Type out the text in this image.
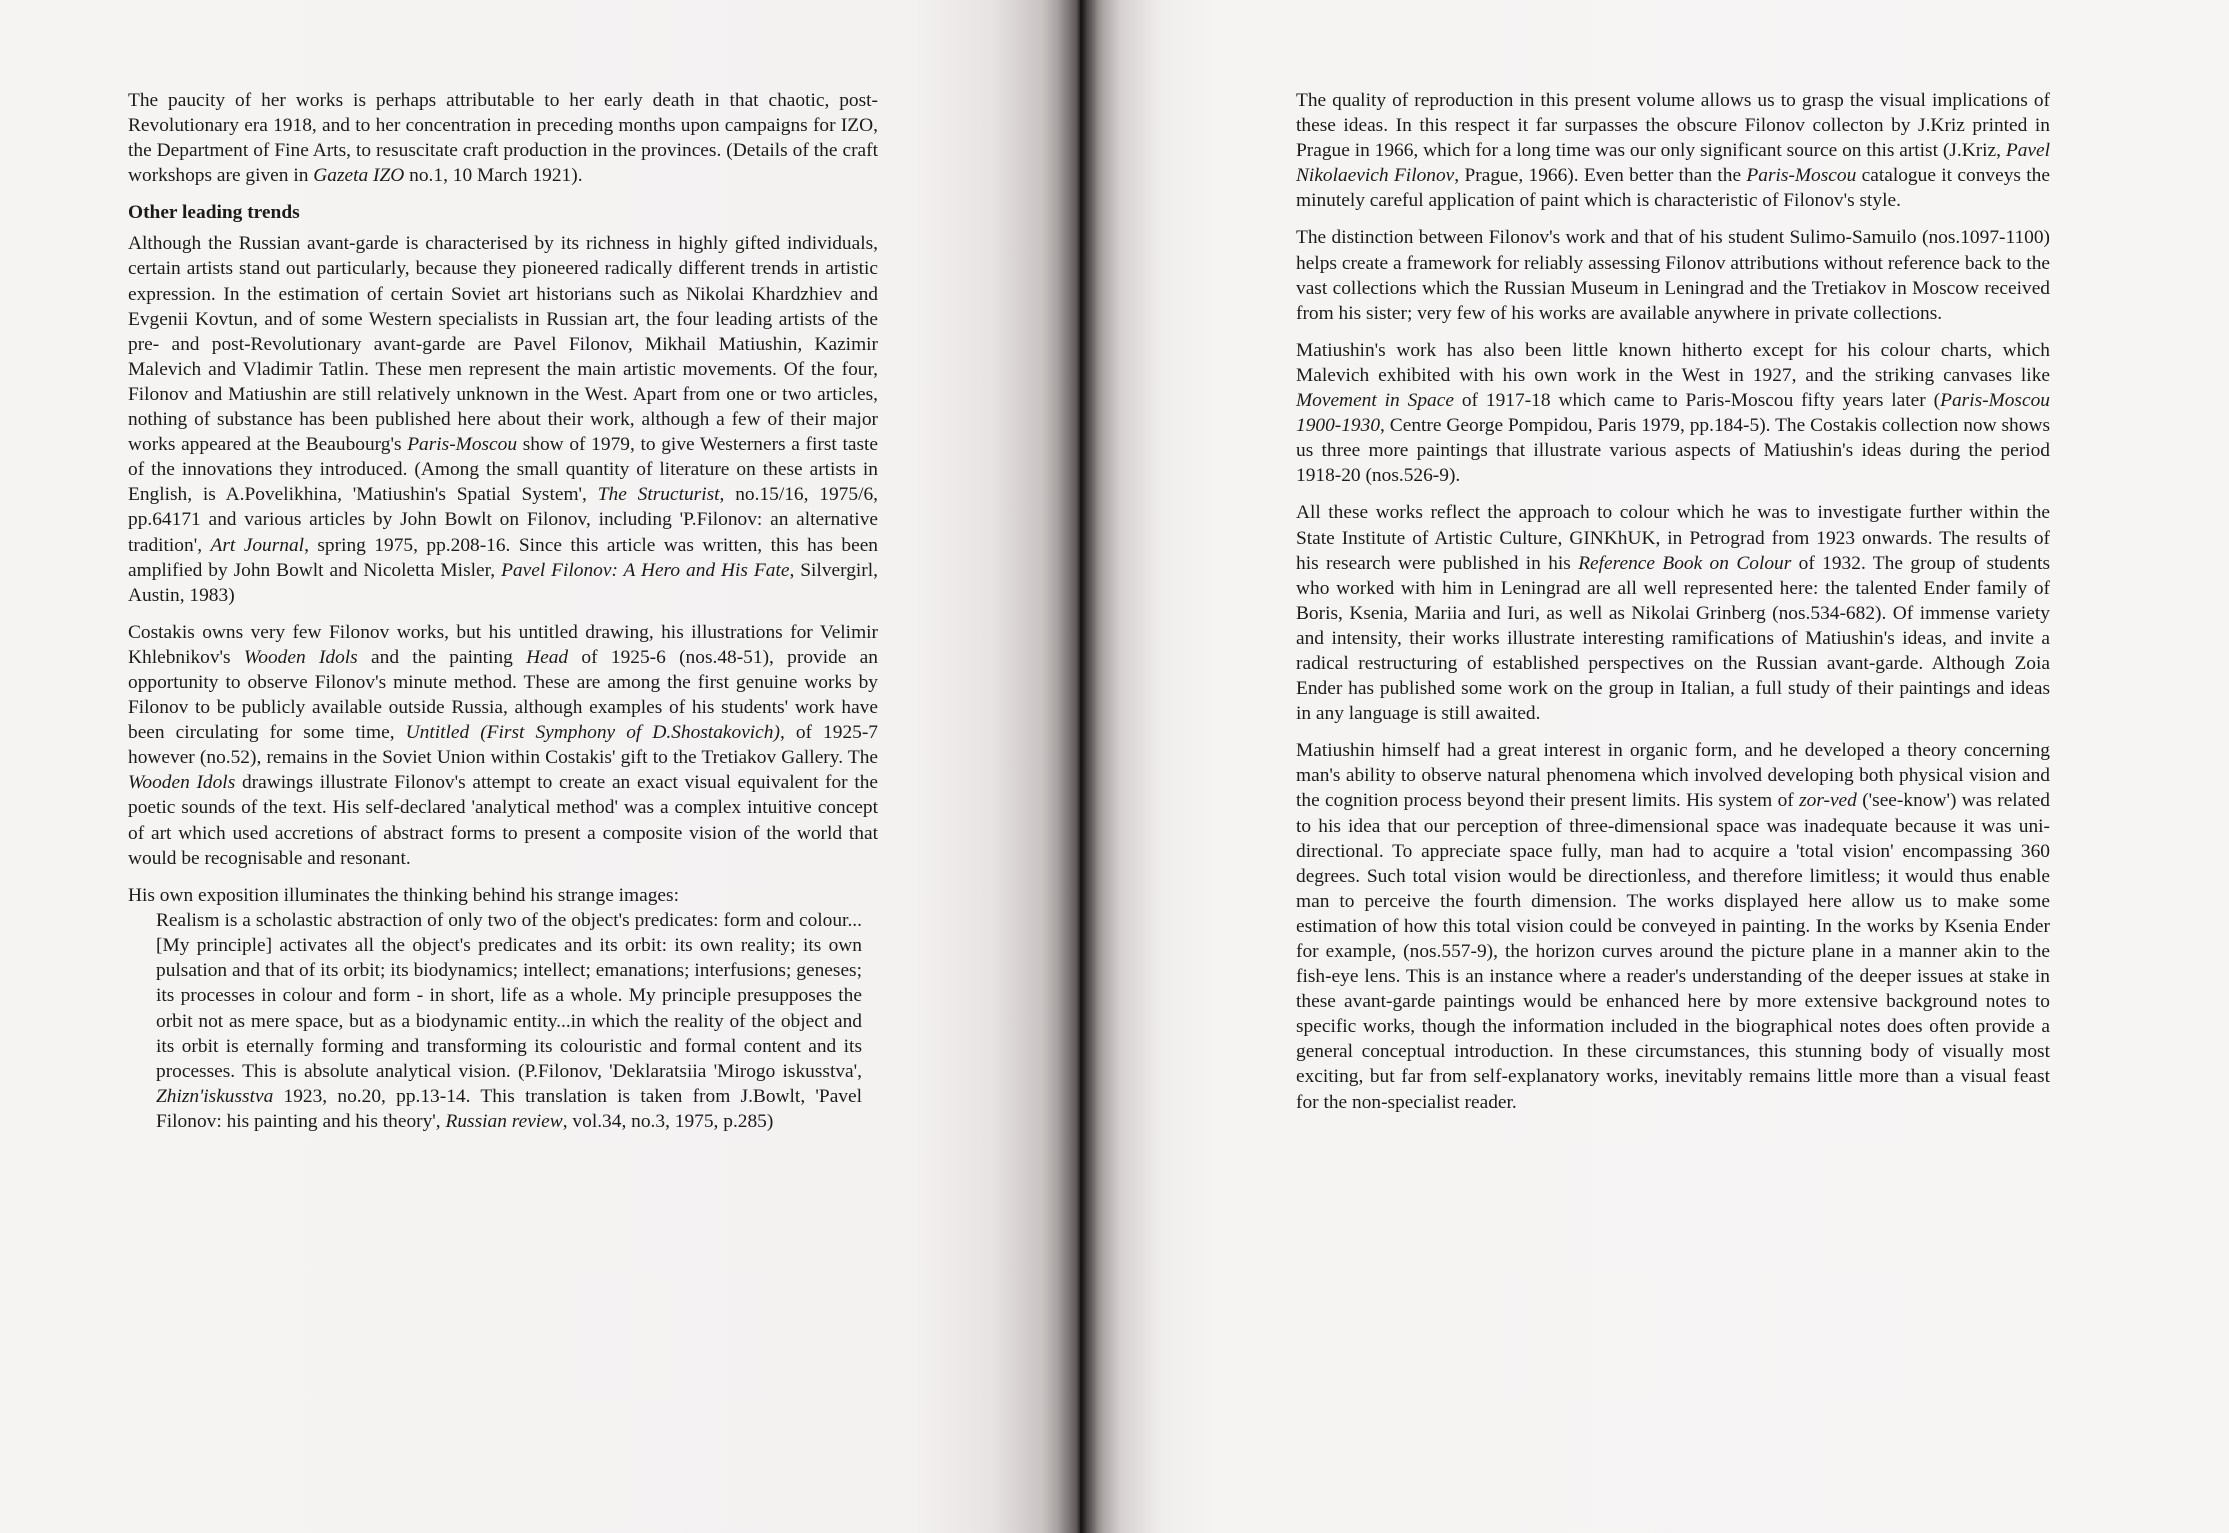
The paucity of her works is perhaps attributable to her early death in that chaotic, post-Revolutionary era 1918, and to her concentration in preceding months upon campaigns for IZO, the Department of Fine Arts, to resuscitate craft production in the provinces. (Details of the craft workshops are given in Gazeta IZO no.1, 10 March 1921).

Other leading trends

Although the Russian avant-garde is characterised by its richness in highly gifted individuals, certain artists stand out particularly, because they pioneered radically different trends in artistic expression. In the estimation of certain Soviet art historians such as Nikolai Khardzhiev and Evgenii Kovtun, and of some Western specialists in Russian art, the four leading artists of the pre- and post-Revolutionary avant-garde are Pavel Filonov, Mikhail Matiushin, Kazimir Malevich and Vladimir Tatlin. These men represent the main artistic movements. Of the four, Filonov and Matiushin are still relatively unknown in the West. Apart from one or two articles, nothing of substance has been published here about their work, although a few of their major works appeared at the Beaubourg's Paris-Moscou show of 1979, to give Westerners a first taste of the innovations they introduced. (Among the small quantity of literature on these artists in English, is A.Povelikhina, 'Matiushin's Spatial System', The Structurist, no.15/16, 1975/6, pp.64171 and various articles by John Bowlt on Filonov, including 'P.Filonov: an alternative tradition', Art Journal, spring 1975, pp.208-16. Since this article was written, this has been amplified by John Bowlt and Nicoletta Misler, Pavel Filonov: A Hero and His Fate, Silvergirl, Austin, 1983)

Costakis owns very few Filonov works, but his untitled drawing, his illustrations for Velimir Khlebnikov's Wooden Idols and the painting Head of 1925-6 (nos.48-51), provide an opportunity to observe Filonov's minute method. These are among the first genuine works by Filonov to be publicly available outside Russia, although examples of his students' work have been circulating for some time, Untitled (First Symphony of D.Shostakovich), of 1925-7 however (no.52), remains in the Soviet Union within Costakis' gift to the Tretiakov Gallery. The Wooden Idols drawings illustrate Filonov's attempt to create an exact visual equivalent for the poetic sounds of the text. His self-declared 'analytical method' was a complex intuitive concept of art which used accretions of abstract forms to present a composite vision of the world that would be recognisable and resonant.

His own exposition illuminates the thinking behind his strange images:

Realism is a scholastic abstraction of only two of the object's predicates: form and colour...[My principle] activates all the object's predicates and its orbit: its own reality; its own pulsation and that of its orbit; its biodynamics; intellect; emanations; interfusions; geneses; its processes in colour and form - in short, life as a whole. My principle presupposes the orbit not as mere space, but as a biodynamic entity...in which the reality of the object and its orbit is eternally forming and transforming its colouristic and formal content and its processes. This is absolute analytical vision. (P.Filonov, 'Deklaratsiia 'Mirogo iskusstva', Zhizn'iskusstva 1923, no.20, pp.13-14. This translation is taken from J.Bowlt, 'Pavel Filonov: his painting and his theory', Russian review, vol.34, no.3, 1975, p.285)

The quality of reproduction in this present volume allows us to grasp the visual implications of these ideas. In this respect it far surpasses the obscure Filonov collecton by J.Kriz printed in Prague in 1966, which for a long time was our only significant source on this artist (J.Kriz, Pavel Nikolaevich Filonov, Prague, 1966). Even better than the Paris-Moscou catalogue it conveys the minutely careful application of paint which is characteristic of Filonov's style.

The distinction between Filonov's work and that of his student Sulimo-Samuilo (nos.1097-1100) helps create a framework for reliably assessing Filonov attributions without reference back to the vast collections which the Russian Museum in Leningrad and the Tretiakov in Moscow received from his sister; very few of his works are available anywhere in private collections.

Matiushin's work has also been little known hitherto except for his colour charts, which Malevich exhibited with his own work in the West in 1927, and the striking canvases like Movement in Space of 1917-18 which came to Paris-Moscou fifty years later (Paris-Moscou 1900-1930, Centre George Pompidou, Paris 1979, pp.184-5). The Costakis collection now shows us three more paintings that illustrate various aspects of Matiushin's ideas during the period 1918-20 (nos.526-9).

All these works reflect the approach to colour which he was to investigate further within the State Institute of Artistic Culture, GINKhUK, in Petrograd from 1923 onwards. The results of his research were published in his Reference Book on Colour of 1932. The group of students who worked with him in Leningrad are all well represented here: the talented Ender family of Boris, Ksenia, Mariia and Iuri, as well as Nikolai Grinberg (nos.534-682). Of immense variety and intensity, their works illustrate interesting ramifications of Matiushin's ideas, and invite a radical restructuring of established perspectives on the Russian avant-garde. Although Zoia Ender has published some work on the group in Italian, a full study of their paintings and ideas in any language is still awaited.

Matiushin himself had a great interest in organic form, and he developed a theory concerning man's ability to observe natural phenomena which involved developing both physical vision and the cognition process beyond their present limits. His system of zor-ved ('see-know') was related to his idea that our perception of three-dimensional space was inadequate because it was uni-directional. To appreciate space fully, man had to acquire a 'total vision' encompassing 360 degrees. Such total vision would be directionless, and therefore limitless; it would thus enable man to perceive the fourth dimension. The works displayed here allow us to make some estimation of how this total vision could be conveyed in painting. In the works by Ksenia Ender for example, (nos.557-9), the horizon curves around the picture plane in a manner akin to the fish-eye lens. This is an instance where a reader's understanding of the deeper issues at stake in these avant-garde paintings would be enhanced here by more extensive background notes to specific works, though the information included in the biographical notes does often provide a general conceptual introduction. In these circumstances, this stunning body of visually most exciting, but far from self-explanatory works, inevitably remains little more than a visual feast for the non-specialist reader.
